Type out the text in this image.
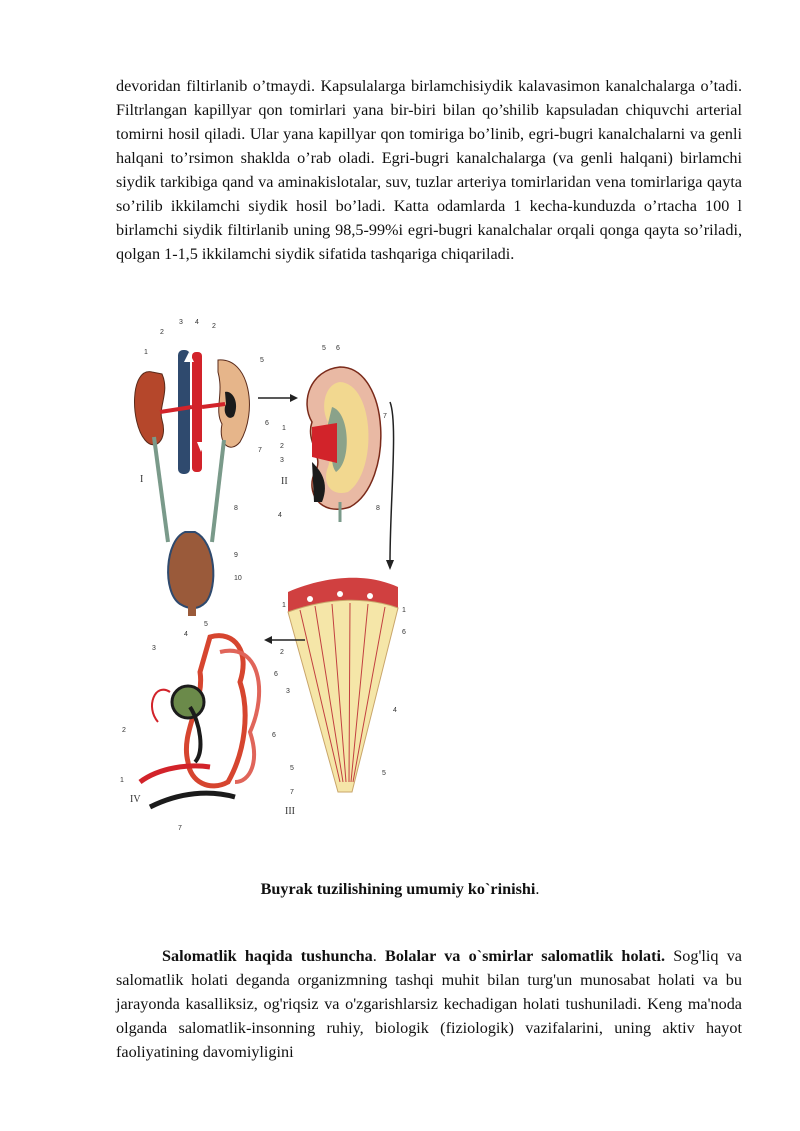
devoridan filtirlanib o’tmaydi. Kapsulalarga birlamchisiydik kalavasimon kanalchalarga o’tadi. Filtrlangan kapillyar qon tomirlari yana bir-biri bilan qo’shilib kapsuladan chiquvchi arterial tomirni hosil qiladi. Ular yana kapillyar qon tomiriga bo’linib, egri-bugri kanalchalarni va genli halqani to’rsimon shaklda o’rab oladi. Egri-bugri kanalchalarga (va genli halqani) birlamchi siydik tarkibiga qand va aminakislotalar, suv, tuzlar arteriya tomirlaridan vena tomirlariga qayta so’rilib ikkilamchi siydik hosil bo’ladi. Katta odamlarda 1 kecha-kunduzda o’rtacha 100 l birlamchi siydik filtirlanib uning 98,5-99%i egri-bugri kanalchalar orqali qonga qayta so’riladi, qolgan 1-1,5 ikkilamchi siydik sifatida tashqariga chiqariladi.

1
2
3 4
2
5
6
7
8
9
10
I
5 6
7
1
2
3
4
8
II
1
1
6
2
3
4
5
5
7
III
3
4
5
6
2
6
1
7
IV
Buyrak tuzilishining umumiy ko`rinishi.

Salomatlik haqida tushuncha. Bolalar va o`smirlar salomatlik holati. Sog'liq va salomatlik holati deganda organizmning tashqi muhit bilan turg'un munosabat holati va bu jarayonda kasalliksiz, og'riqsiz va o'zgarishlarsiz kechadigan holati tushuniladi. Keng ma'noda olganda salomatlik-insonning ruhiy, biologik (fiziologik) vazifalarini, uning aktiv hayot faoliyatining davomiyligini
